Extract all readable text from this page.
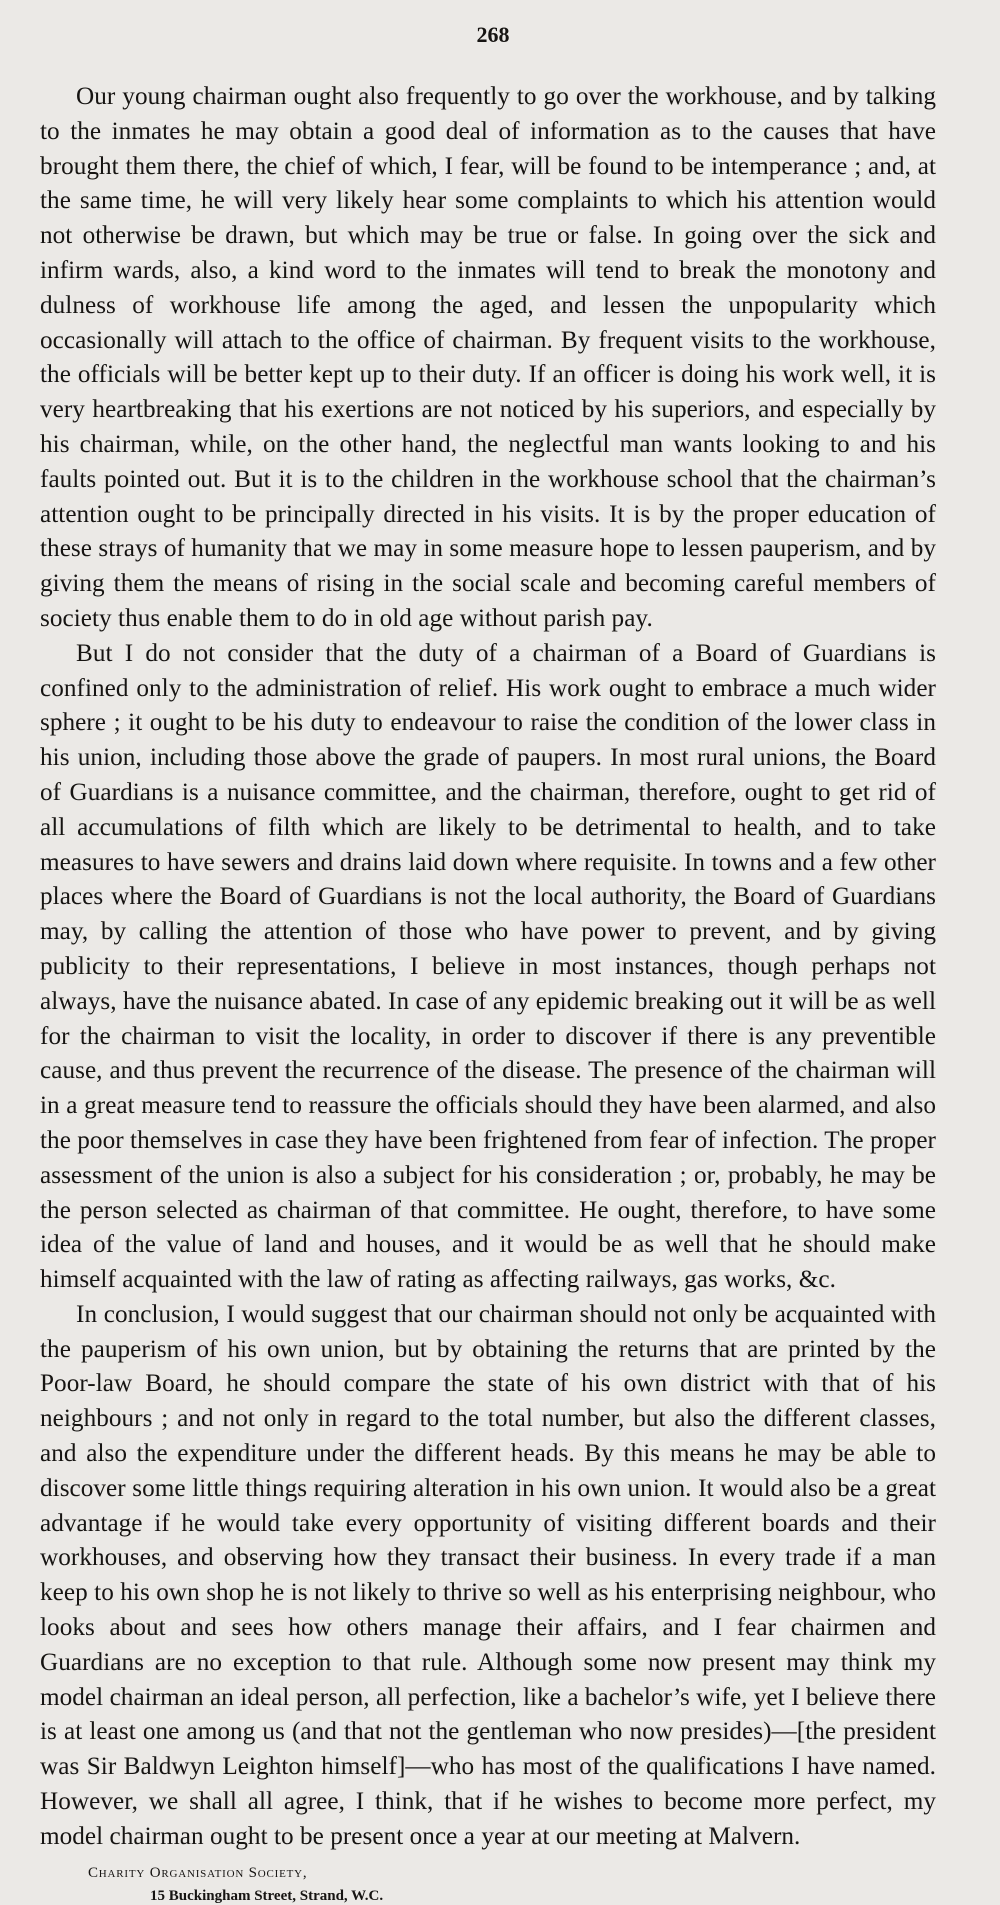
268

Our young chairman ought also frequently to go over the workhouse, and by talking to the inmates he may obtain a good deal of information as to the causes that have brought them there, the chief of which, I fear, will be found to be intemperance ; and, at the same time, he will very likely hear some complaints to which his attention would not otherwise be drawn, but which may be true or false. In going over the sick and infirm wards, also, a kind word to the inmates will tend to break the monotony and dulness of workhouse life among the aged, and lessen the unpopularity which occasionally will attach to the office of chairman. By frequent visits to the workhouse, the officials will be better kept up to their duty. If an officer is doing his work well, it is very heartbreaking that his exertions are not noticed by his superiors, and especially by his chairman, while, on the other hand, the neglectful man wants looking to and his faults pointed out. But it is to the children in the workhouse school that the chairman’s attention ought to be principally directed in his visits. It is by the proper education of these strays of humanity that we may in some measure hope to lessen pauperism, and by giving them the means of rising in the social scale and becoming careful members of society thus enable them to do in old age without parish pay.

But I do not consider that the duty of a chairman of a Board of Guardians is confined only to the administration of relief. His work ought to embrace a much wider sphere ; it ought to be his duty to endeavour to raise the condition of the lower class in his union, including those above the grade of paupers. In most rural unions, the Board of Guardians is a nuisance committee, and the chairman, therefore, ought to get rid of all accumulations of filth which are likely to be detrimental to health, and to take measures to have sewers and drains laid down where requisite. In towns and a few other places where the Board of Guardians is not the local authority, the Board of Guardians may, by calling the attention of those who have power to prevent, and by giving publicity to their representations, I believe in most instances, though perhaps not always, have the nuisance abated. In case of any epidemic breaking out it will be as well for the chairman to visit the locality, in order to discover if there is any preventible cause, and thus prevent the recurrence of the disease. The presence of the chairman will in a great measure tend to reassure the officials should they have been alarmed, and also the poor themselves in case they have been frightened from fear of infection. The proper assessment of the union is also a subject for his consideration ; or, probably, he may be the person selected as chairman of that committee. He ought, therefore, to have some idea of the value of land and houses, and it would be as well that he should make himself acquainted with the law of rating as affecting railways, gas works, &c.

In conclusion, I would suggest that our chairman should not only be acquainted with the pauperism of his own union, but by obtaining the returns that are printed by the Poor-law Board, he should compare the state of his own district with that of his neighbours ; and not only in regard to the total number, but also the different classes, and also the expenditure under the different heads. By this means he may be able to discover some little things requiring alteration in his own union. It would also be a great advantage if he would take every opportunity of visiting different boards and their workhouses, and observing how they transact their business. In every trade if a man keep to his own shop he is not likely to thrive so well as his enterprising neighbour, who looks about and sees how others manage their affairs, and I fear chairmen and Guardians are no exception to that rule. Although some now present may think my model chairman an ideal person, all perfection, like a bachelor’s wife, yet I believe there is at least one among us (and that not the gentleman who now presides)—[the president was Sir Baldwyn Leighton himself]—who has most of the qualifications I have named. However, we shall all agree, I think, that if he wishes to become more perfect, my model chairman ought to be present once a year at our meeting at Malvern.

Charity Organisation Society,
15 Buckingham Street, Strand, W.C.
